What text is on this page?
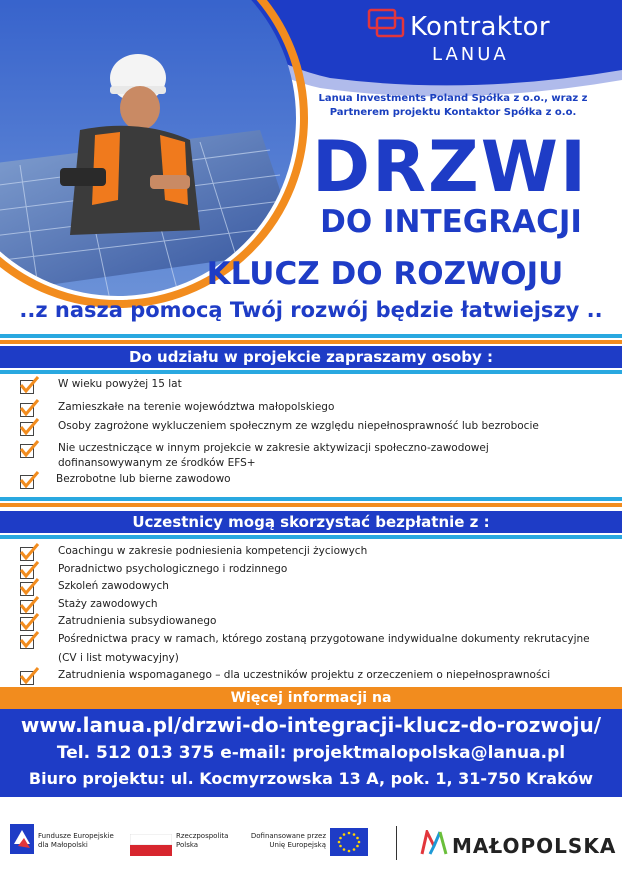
Kontraktor
LANUA
Lanua Investments Poland Spółka z o.o., wraz z Partnerem projektu Kontaktor Spółka z o.o.
DRZWI
DO INTEGRACJI
KLUCZ DO ROZWOJU
..z nasza pomocą Twój rozwój będzie łatwiejszy ..
Do udziału w projekcie zapraszamy osoby :
W wieku powyżej 15 lat
Zamieszkałe na terenie województwa małopolskiego
Osoby zagrożone wykluczeniem społecznym ze względu niepełnosprawność lub bezrobocie
Nie uczestniczące w innym projekcie w zakresie aktywizacji społeczno-zawodowej
dofinansowywanym ze środków EFS+
Bezrobotne lub bierne zawodowo
Uczestnicy mogą skorzystać bezpłatnie z :
Coachingu w zakresie podniesienia kompetencji życiowych
Poradnictwo psychologicznego i rodzinnego
Szkoleń zawodowych
Staży zawodowych
Zatrudnienia subsydiowanego
Pośrednictwa pracy w ramach, którego zostaną przygotowane indywidualne dokumenty rekrutacyjne
(CV i list motywacyjny)
Zatrudnienia wspomaganego – dla uczestników projektu z orzeczeniem o niepełnosprawności
Więcej informacji na
www.lanua.pl/drzwi-do-integracji-klucz-do-rozwoju/
Tel. 512 013 375 e-mail: projektmalopolska@lanua.pl
Biuro projektu: ul. Kocmyrzowska 13 A, pok. 1, 31-750 Kraków
Fundusze Europejskie
dla Małopolski
Rzeczpospolita
Polska
Dofinansowane przez
Unię Europejską	MAŁOPOLSKA
